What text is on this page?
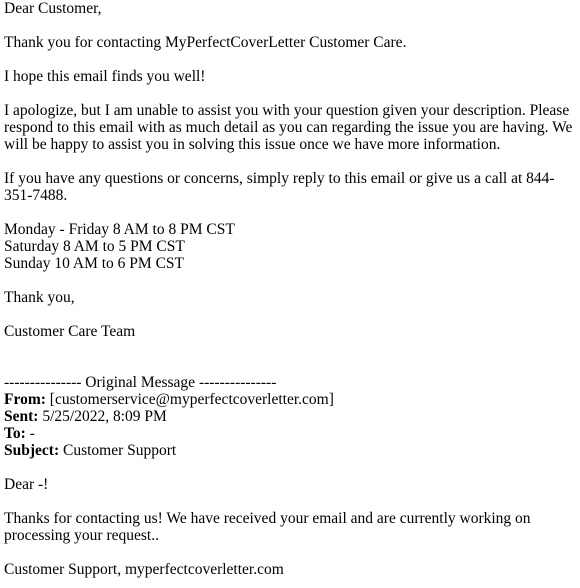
Dear Customer,

Thank you for contacting MyPerfectCoverLetter Customer Care.

I hope this email finds you well!

I apologize, but I am unable to assist you with your question given your description. Please respond to this email with as much detail as you can regarding the issue you are having. We will be happy to assist you in solving this issue once we have more information.

If you have any questions or concerns, simply reply to this email or give us a call at 844-351-7488.

Monday - Friday 8 AM to 8 PM CST
Saturday 8 AM to 5 PM CST
Sunday 10 AM to 6 PM CST

Thank you,

Customer Care Team

--------------- Original Message ---------------

From: [customerservice@myperfectcoverletter.com]

Sent: 5/25/2022, 8:09 PM

To: -

Subject: Customer Support

Dear -!

Thanks for contacting us! We have received your email and are currently working on processing your request..

Customer Support, myperfectcoverletter.com
